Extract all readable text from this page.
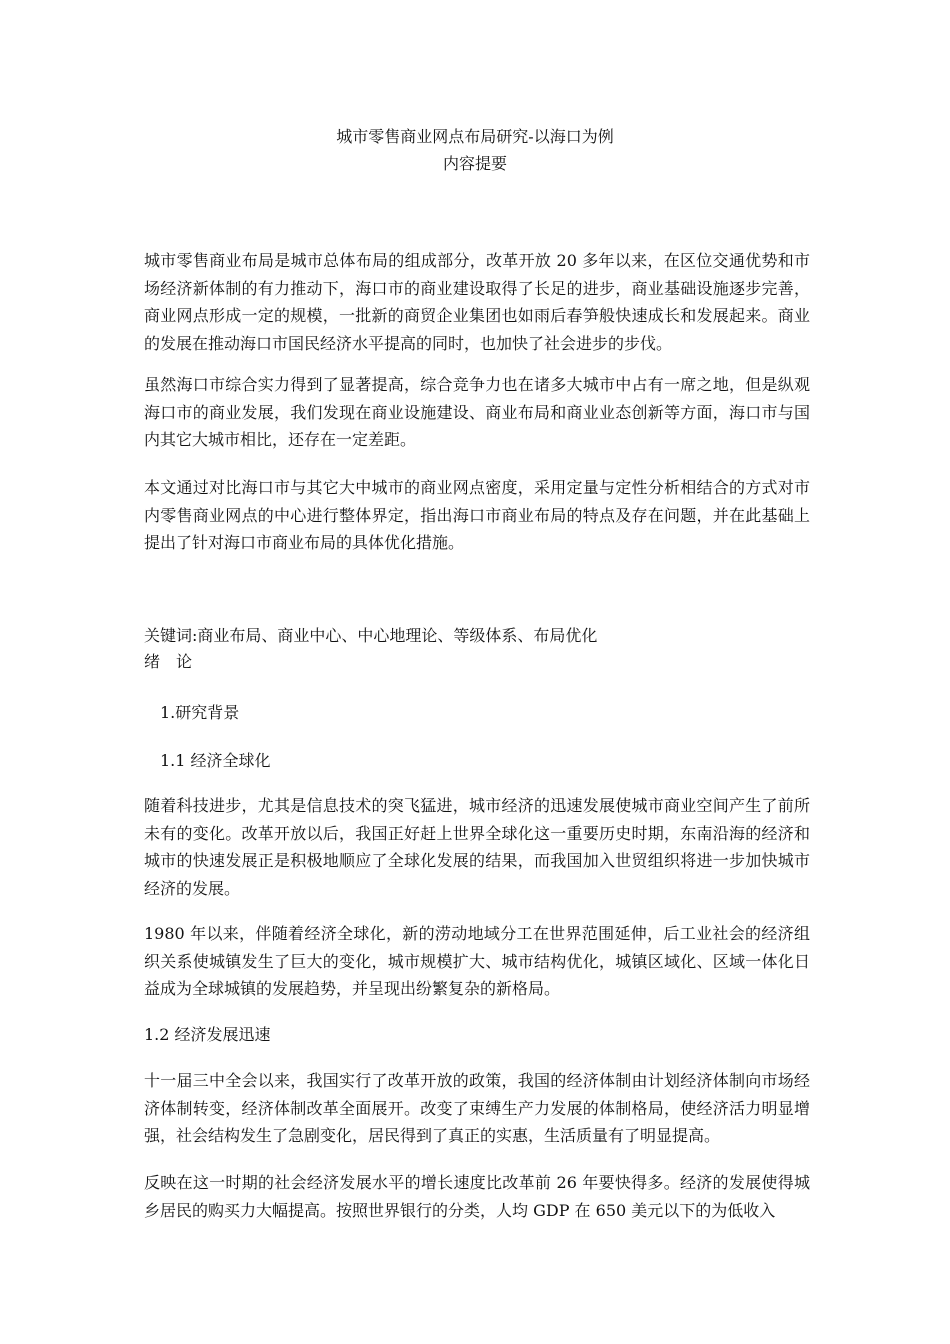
城市零售商业网点布局研究-以海口为例
内容提要

城市零售商业布局是城市总体布局的组成部分，改革开放 20 多年以来，在区位交通优势和市场经济新体制的有力推动下，海口市的商业建设取得了长足的进步，商业基础设施逐步完善，商业网点形成一定的规模，一批新的商贸企业集团也如雨后春笋般快速成长和发展起来。商业的发展在推动海口市国民经济水平提高的同时，也加快了社会进步的步伐。

虽然海口市综合实力得到了显著提高，综合竞争力也在诸多大城市中占有一席之地，但是纵观海口市的商业发展，我们发现在商业设施建设、商业布局和商业业态创新等方面，海口市与国内其它大城市相比，还存在一定差距。

本文通过对比海口市与其它大中城市的商业网点密度，采用定量与定性分析相结合的方式对市内零售商业网点的中心进行整体界定，指出海口市商业布局的特点及存在问题，并在此基础上提出了针对海口市商业布局的具体优化措施。

关键词:商业布局、商业中心、中心地理论、等级体系、布局优化
绪　论
1.研究背景
1.1 经济全球化

随着科技进步，尤其是信息技术的突飞猛进，城市经济的迅速发展使城市商业空间产生了前所未有的变化。改革开放以后，我国正好赶上世界全球化这一重要历史时期，东南沿海的经济和城市的快速发展正是积极地顺应了全球化发展的结果，而我国加入世贸组织将进一步加快城市经济的发展。

1980 年以来，伴随着经济全球化，新的涝动地域分工在世界范围延伸，后工业社会的经济组织关系使城镇发生了巨大的变化，城市规模扩大、城市结构优化，城镇区域化、区域一体化日益成为全球城镇的发展趋势，并呈现出纷繁复杂的新格局。

1.2 经济发展迅速

十一届三中全会以来，我国实行了改革开放的政策，我国的经济体制由计划经济体制向市场经济体制转变，经济体制改革全面展开。改变了束缚生产力发展的体制格局，使经济活力明显增强，社会结构发生了急剧变化，居民得到了真正的实惠，生活质量有了明显提高。

反映在这一时期的社会经济发展水平的增长速度比改革前 26 年要快得多。经济的发展使得城乡居民的购买力大幅提高。按照世界银行的分类，人均 GDP 在 650 美元以下的为低收入
